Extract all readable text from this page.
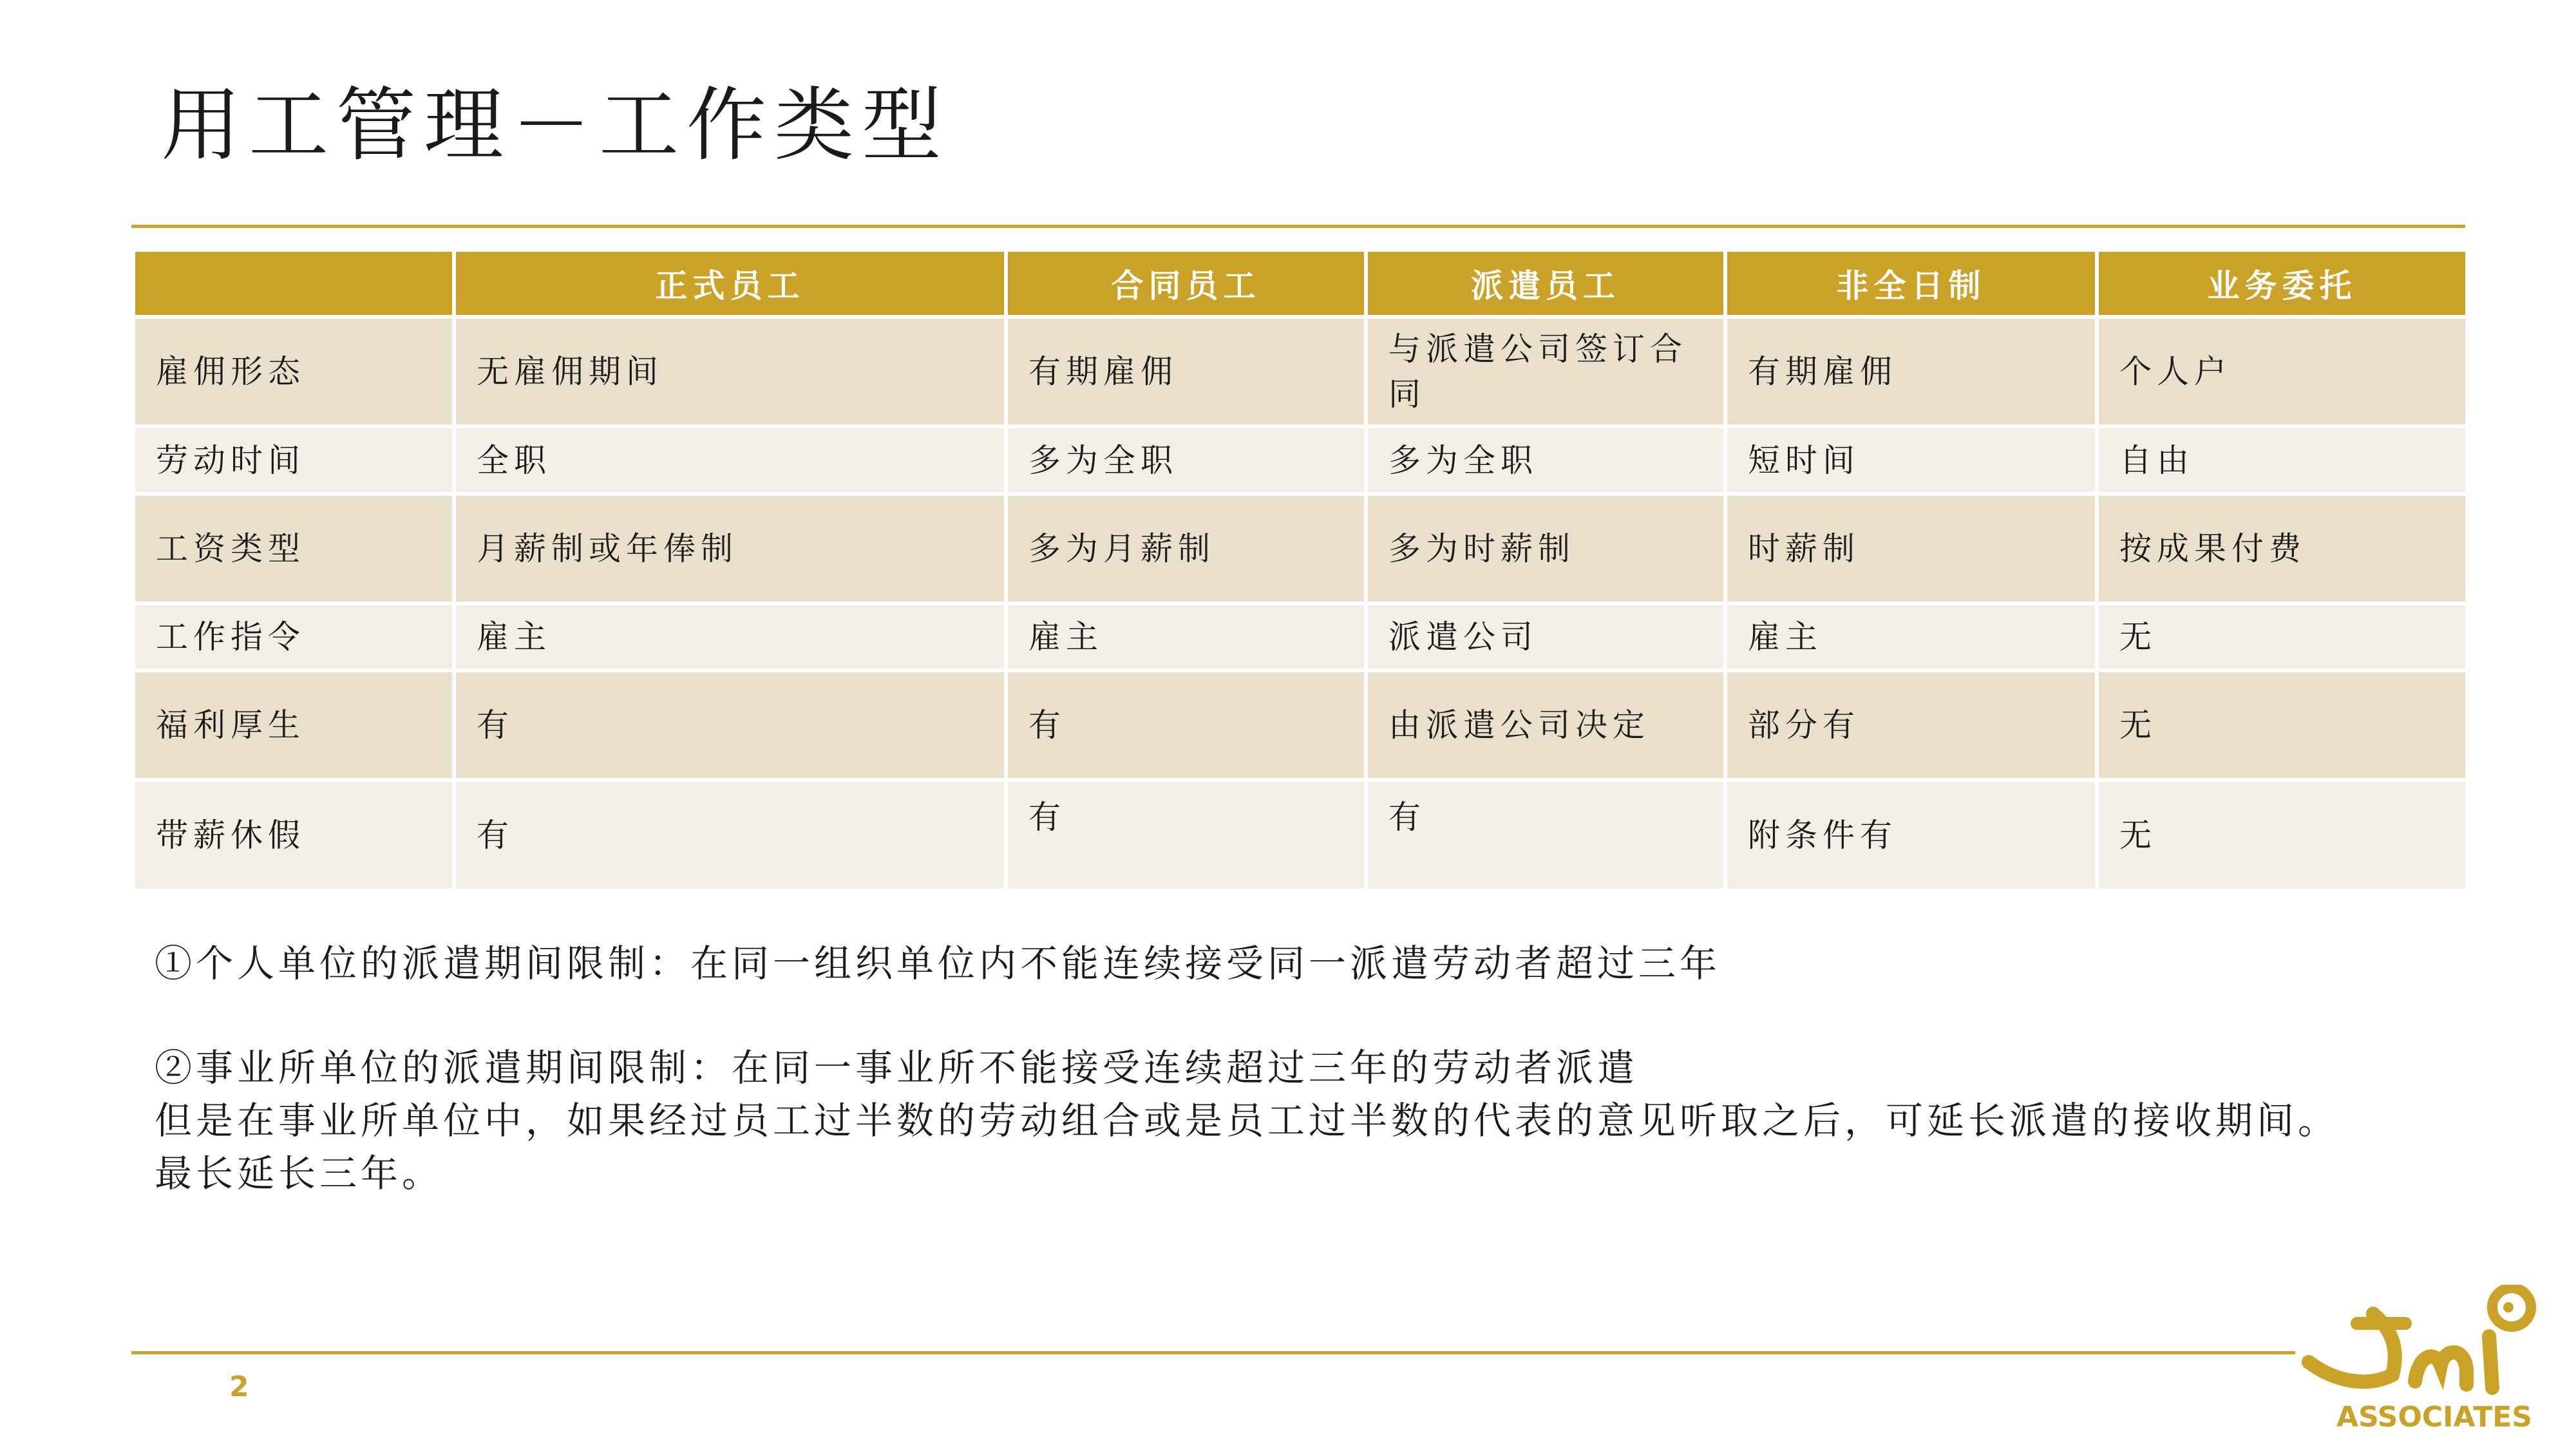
用工管理－工作类型
	正式员工	合同员工	派遣员工	非全日制	业务委托
雇佣形态	无雇佣期间	有期雇佣	与派遣公司签订合同	有期雇佣	个人户
劳动时间	全职	多为全职	多为全职	短时间	自由
工资类型	月薪制或年俸制	多为月薪制	多为时薪制	时薪制	按成果付费
工作指令	雇主	雇主	派遣公司	雇主	无
福利厚生	有	有	由派遣公司决定	部分有	无
带薪休假	有	有	有	附条件有	无

①个人单位的派遣期间限制：在同一组织单位内不能连续接受同一派遣劳动者超过三年

②事业所单位的派遣期间限制：在同一事业所不能接受连续超过三年的劳动者派遣

但是在事业所单位中，如果经过员工过半数的劳动组合或是员工过半数的代表的意见听取之后，可延长派遣的接收期间。

最长延长三年。

2
ASSOCIATES
